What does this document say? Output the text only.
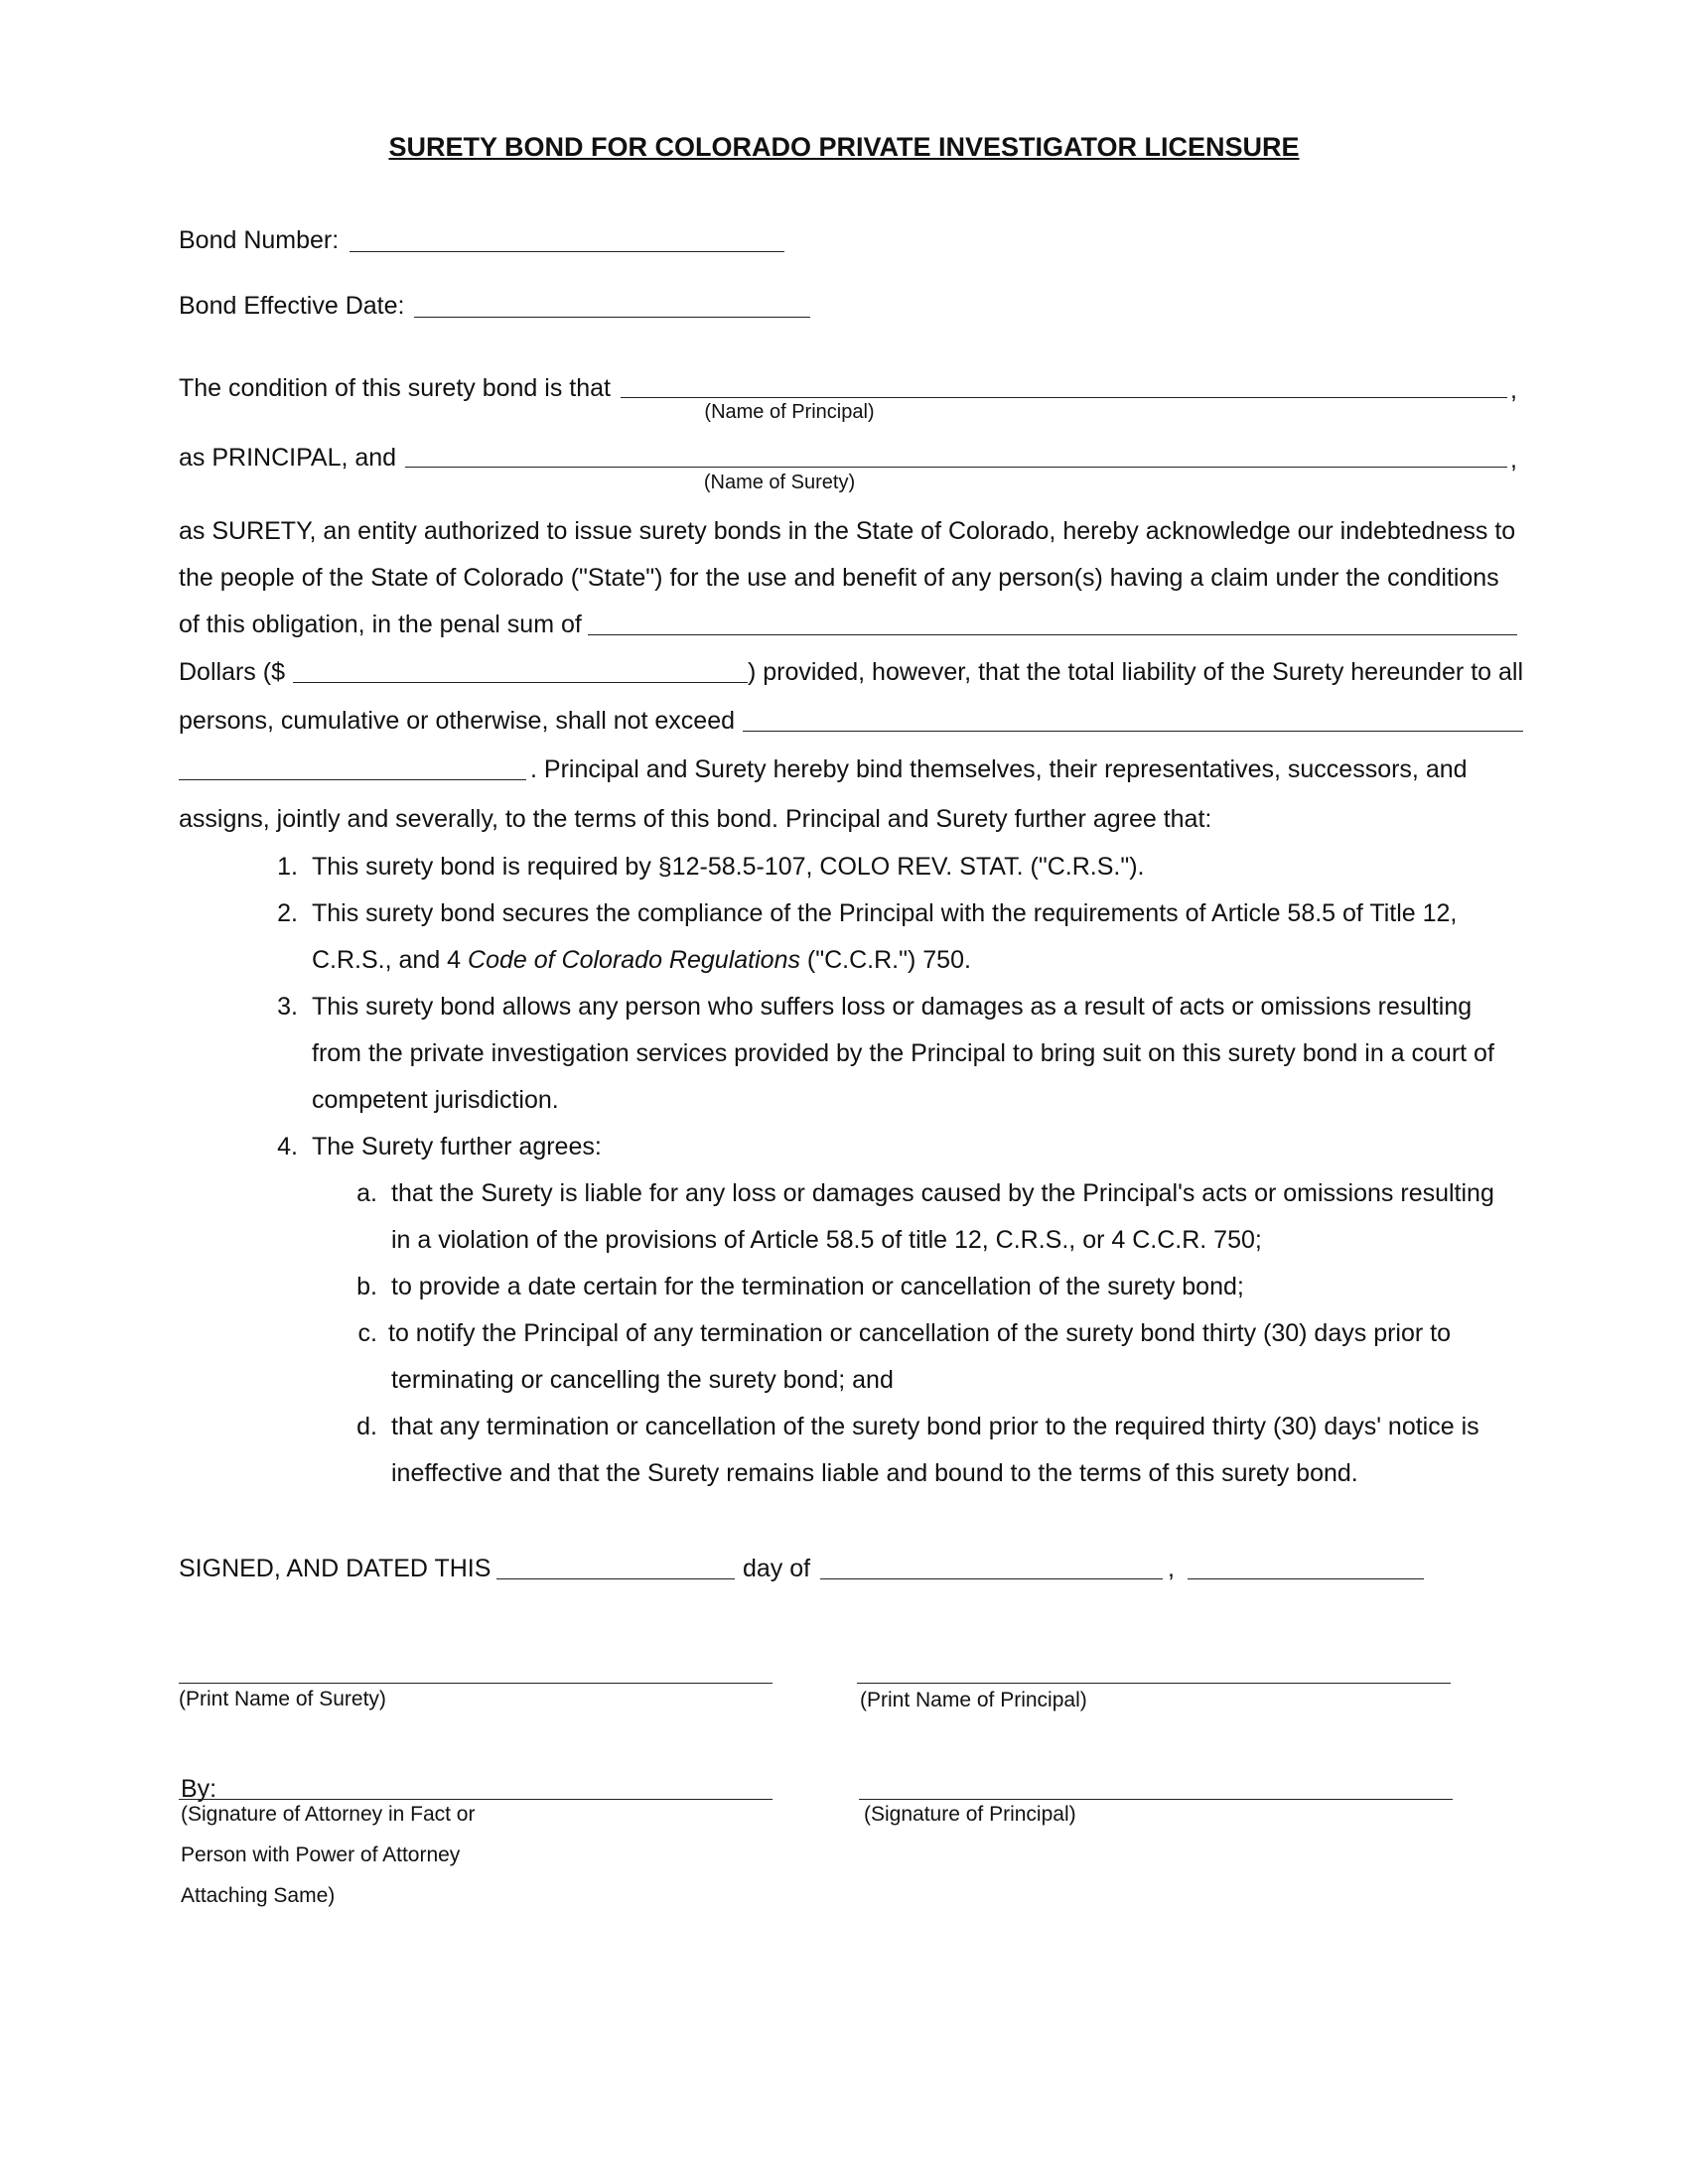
SURETY BOND FOR COLORADO PRIVATE INVESTIGATOR LICENSURE
Bond Number:
Bond Effective Date:
The condition of this surety bond is that	,
(Name of Principal)
as PRINCIPAL, and	,
(Name of Surety)
as SURETY, an entity authorized to issue surety bonds in the State of Colorado, hereby acknowledge our indebtedness to
the people of the State of Colorado ("State") for the use and benefit of any person(s) having a claim under the conditions
of this obligation, in the penal sum of
Dollars ($	) provided, however, that the total liability of the Surety hereunder to all
persons, cumulative or otherwise, shall not exceed
. Principal and Surety hereby bind themselves, their representatives, successors, and
assigns, jointly and severally, to the terms of this bond. Principal and Surety further agree that:
1. This surety bond is required by §12-58.5-107, COLO REV. STAT. ("C.R.S.").
2. This surety bond secures the compliance of the Principal with the requirements of Article 58.5 of Title 12,
C.R.S., and 4 Code of Colorado Regulations ("C.C.R.") 750.
3. This surety bond allows any person who suffers loss or damages as a result of acts or omissions resulting
from the private investigation services provided by the Principal to bring suit on this surety bond in a court of
competent jurisdiction.
4. The Surety further agrees:
a. that the Surety is liable for any loss or damages caused by the Principal's acts or omissions resulting
in a violation of the provisions of Article 58.5 of title 12, C.R.S., or 4 C.C.R. 750;
b. to provide a date certain for the termination or cancellation of the surety bond;
c. to notify the Principal of any termination or cancellation of the surety bond thirty (30) days prior to
terminating or cancelling the surety bond; and
d. that any termination or cancellation of the surety bond prior to the required thirty (30) days' notice is
ineffective and that the Surety remains liable and bound to the terms of this surety bond.
SIGNED, AND DATED THIS	day of	,
(Print Name of Surety)	(Print Name of Principal)
By:
(Signature of Attorney in Fact or
Person with Power of Attorney
Attaching Same)
(Signature of Principal)
